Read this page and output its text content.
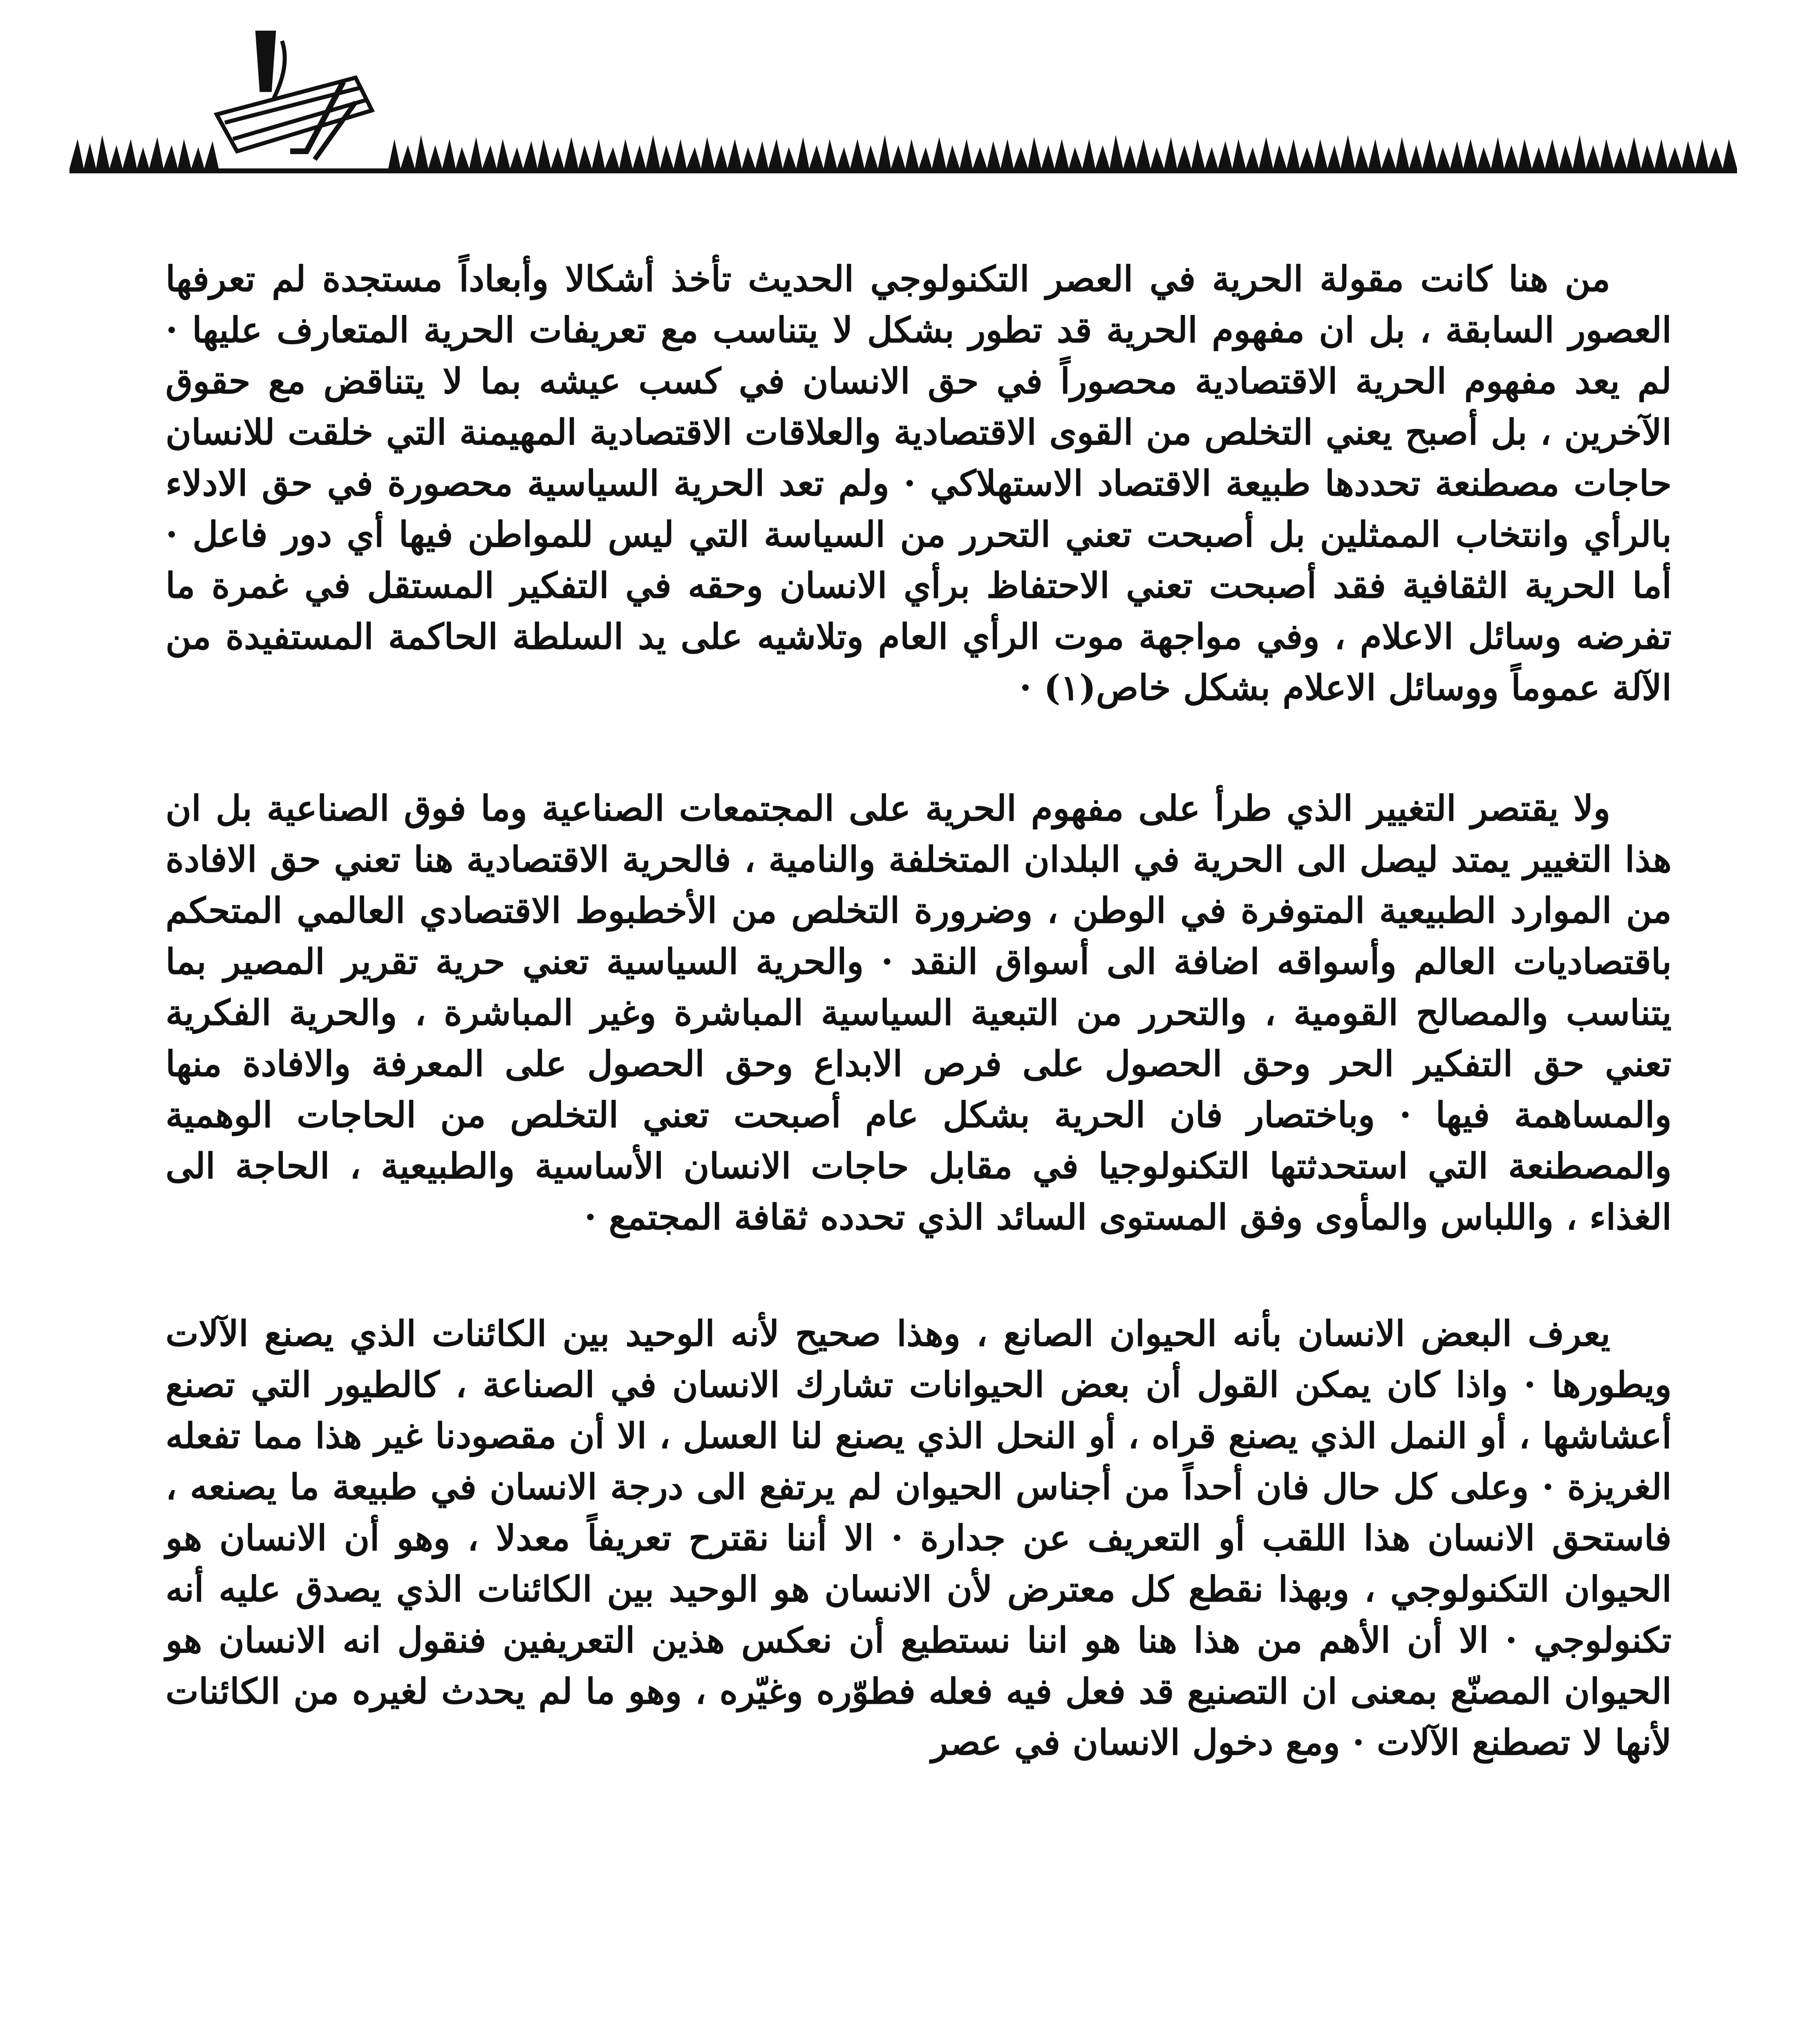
من هنا كانت مقولة الحرية في العصر التكنولوجي الحديث تأخذ أشكالا وأبعاداً مستجدة لم تعرفها العصور السابقة ، بل ان مفهوم الحرية قد تطور بشكل لا يتناسب مع تعريفات الحرية المتعارف عليها · لم يعد مفهوم الحرية الاقتصادية محصوراً في حق الانسان في كسب عيشه بما لا يتناقض مع حقوق الآخرين ، بل أصبح يعني التخلص من القوى الاقتصادية والعلاقات الاقتصادية المهيمنة التي خلقت للانسان حاجات مصطنعة تحددها طبيعة الاقتصاد الاستهلاكي · ولم تعد الحرية السياسية محصورة في حق الادلاء بالرأي وانتخاب الممثلين بل أصبحت تعني التحرر من السياسة التي ليس للمواطن فيها أي دور فاعل · أما الحرية الثقافية فقد أصبحت تعني الاحتفاظ برأي الانسان وحقه في التفكير المستقل في غمرة ما تفرضه وسائل الاعلام ، وفي مواجهة موت الرأي العام وتلاشيه على يد السلطة الحاكمة المستفيدة من الآلة عموماً ووسائل الاعلام بشكل خاص(١) ·

ولا يقتصر التغيير الذي طرأ على مفهوم الحرية على المجتمعات الصناعية وما فوق الصناعية بل ان هذا التغيير يمتد ليصل الى الحرية في البلدان المتخلفة والنامية ، فالحرية الاقتصادية هنا تعني حق الافادة من الموارد الطبيعية المتوفرة في الوطن ، وضرورة التخلص من الأخطبوط الاقتصادي العالمي المتحكم باقتصاديات العالم وأسواقه اضافة الى أسواق النقد · والحرية السياسية تعني حرية تقرير المصير بما يتناسب والمصالح القومية ، والتحرر من التبعية السياسية المباشرة وغير المباشرة ، والحرية الفكرية تعني حق التفكير الحر وحق الحصول على فرص الابداع وحق الحصول على المعرفة والافادة منها والمساهمة فيها · وباختصار فان الحرية بشكل عام أصبحت تعني التخلص من الحاجات الوهمية والمصطنعة التي استحدثتها التكنولوجيا في مقابل حاجات الانسان الأساسية والطبيعية ، الحاجة الى الغذاء ، واللباس والمأوى وفق المستوى السائد الذي تحدده ثقافة المجتمع ·

يعرف البعض الانسان بأنه الحيوان الصانع ، وهذا صحيح لأنه الوحيد بين الكائنات الذي يصنع الآلات ويطورها · واذا كان يمكن القول أن بعض الحيوانات تشارك الانسان في الصناعة ، كالطيور التي تصنع أعشاشها ، أو النمل الذي يصنع قراه ، أو النحل الذي يصنع لنا العسل ، الا أن مقصودنا غير هذا مما تفعله الغريزة · وعلى كل حال فان أحداً من أجناس الحيوان لم يرتفع الى درجة الانسان في طبيعة ما يصنعه ، فاستحق الانسان هذا اللقب أو التعريف عن جدارة · الا أننا نقترح تعريفاً معدلا ، وهو أن الانسان هو الحيوان التكنولوجي ، وبهذا نقطع كل معترض لأن الانسان هو الوحيد بين الكائنات الذي يصدق عليه أنه تكنولوجي · الا أن الأهم من هذا هنا هو اننا نستطيع أن نعكس هذين التعريفين فنقول انه الانسان هو الحيوان المصنّع بمعنى ان التصنيع قد فعل فيه فعله فطوّره وغيّره ، وهو ما لم يحدث لغيره من الكائنات لأنها لا تصطنع الآلات · ومع دخول الانسان في عصر
